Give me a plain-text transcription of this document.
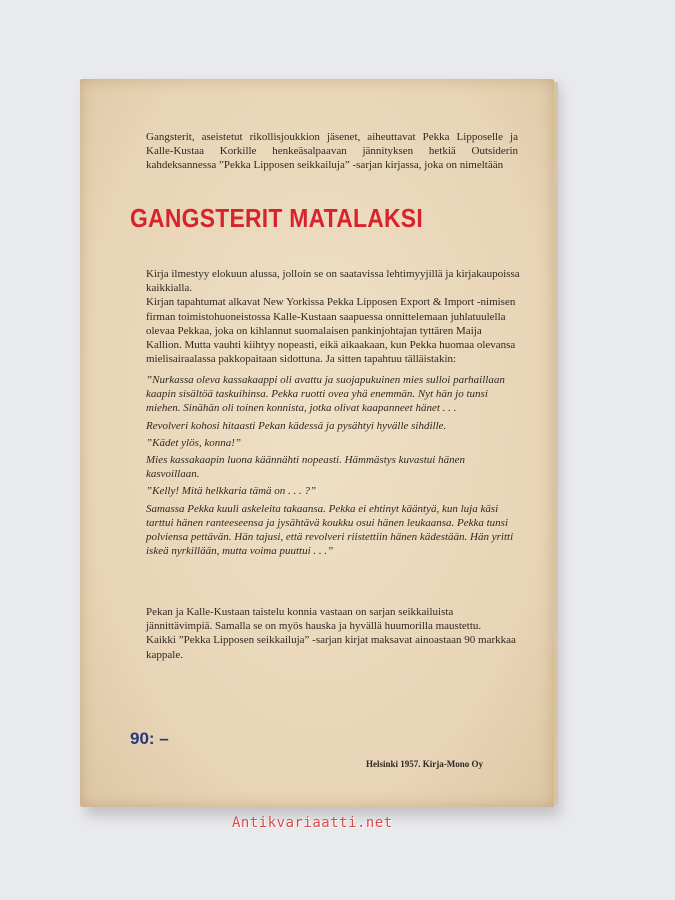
Gangsterit, aseistetut rikollisjoukkion jäsenet, aiheuttavat Pekka Lipposelle ja Kalle-Kustaa Korkille henkeäsalpaavan jännityksen hetkiä Outsiderin kahdeksannessa ”Pekka Lipposen seikkailuja” -sarjan kirjassa, joka on nimeltään

GANGSTERIT MATALAKSI
Kirja ilmestyy elokuun alussa, jolloin se on saatavissa lehtimyyjillä ja kirjakaupoissa kaikkialla.
Kirjan tapahtumat alkavat New Yorkissa Pekka Lipposen Export & Import -nimisen firman toimistohuoneistossa Kalle-Kustaan saapuessa onnittelemaan juhlatuulella olevaa Pekkaa, joka on kihlannut suomalaisen pankinjohtajan tyttären Maija Kallion. Mutta vauhti kiihtyy nopeasti, eikä aikaakaan, kun Pekka huomaa olevansa mielisairaalassa pakkopaitaan sidottuna. Ja sitten tapahtuu tälläistakin:

”Nurkassa oleva kassakaappi oli avattu ja suojapukuinen mies sulloi parhaillaan kaapin sisältöä taskuihinsa. Pekka ruotti ovea yhä enemmän. Nyt hän jo tunsi miehen. Sinähän oli toinen konnista, jotka olivat kaapanneet hänet . . .

Revolveri kohosi hitaasti Pekan kädessä ja pysähtyi hyvälle sihdille.

”Kädet ylös, konna!”

Mies kassakaapin luona käännähti nopeasti. Hämmästys kuvastui hänen kasvoillaan.

”Kelly! Mitä helkkaria tämä on . . . ?”

Samassa Pekka kuuli askeleita takaansa. Pekka ei ehtinyt kääntyä, kun luja käsi tarttui hänen ranteeseensa ja jysähtävä koukku osui hänen leukaansa. Pekka tunsi polviensa pettävän. Hän tajusi, että revolveri riistettiin hänen kädestään. Hän yritti iskeä nyrkillään, mutta voima puuttui . . .”

Pekan ja Kalle-Kustaan taistelu konnia vastaan on sarjan seikkailuista jännittävimpiä. Samalla se on myös hauska ja hyvällä huumorilla maustettu.
Kaikki ”Pekka Lipposen seikkailuja” -sarjan kirjat maksavat ainoastaan 90 markkaa kappale.
90: –
Helsinki 1957. Kirja-Mono Oy
Antikvariaatti.net
